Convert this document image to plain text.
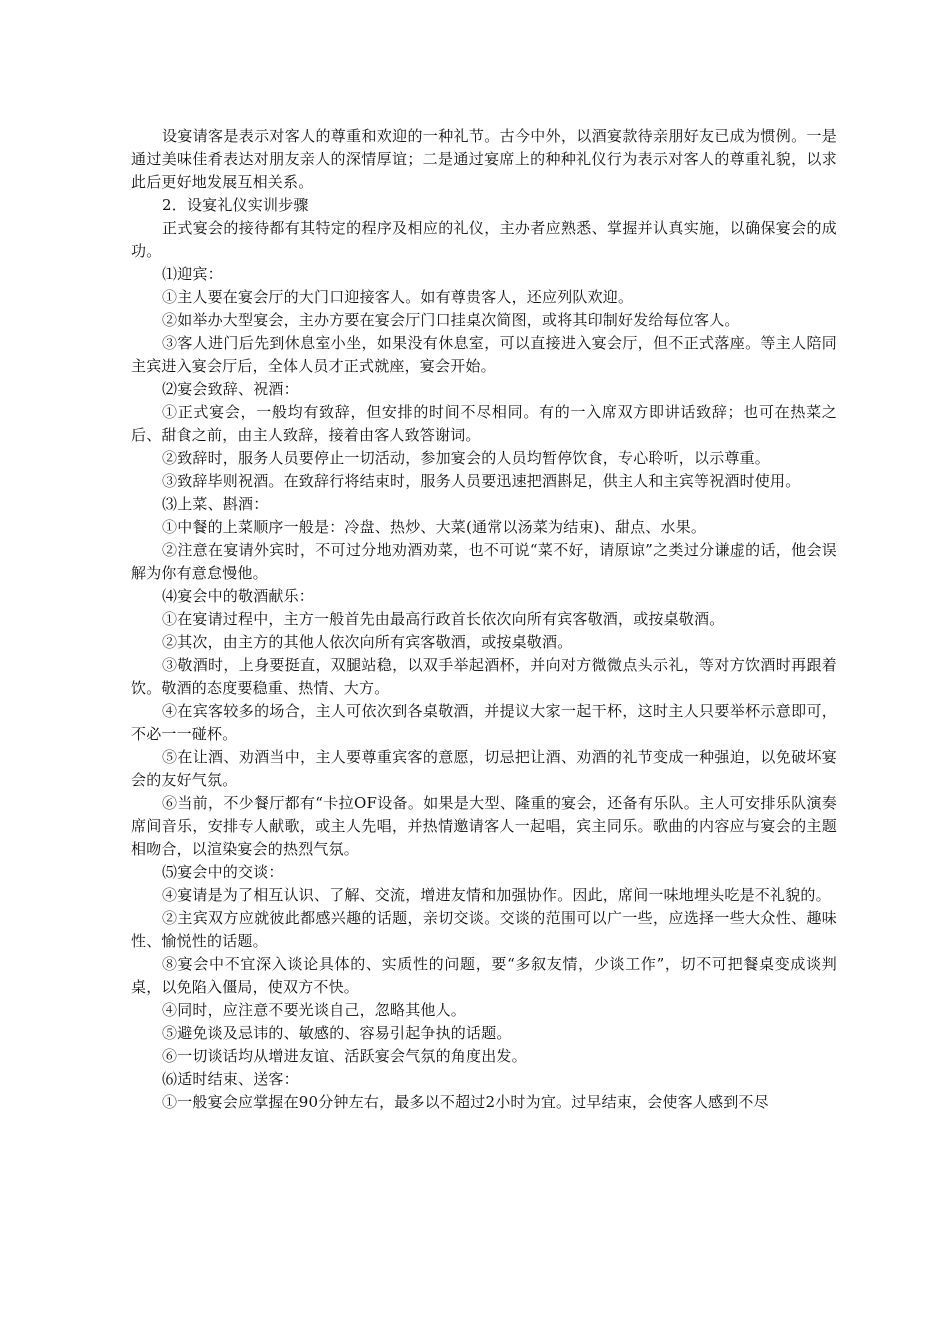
设宴请客是表示对客人的尊重和欢迎的一种礼节。古今中外，以酒宴款待亲朋好友已成为惯例。一是通过美味佳肴表达对朋友亲人的深情厚谊；二是通过宴席上的种种礼仪行为表示对客人的尊重礼貌，以求此后更好地发展互相关系。

2．设宴礼仪实训步骤

正式宴会的接待都有其特定的程序及相应的礼仪，主办者应熟悉、掌握并认真实施，以确保宴会的成功。

⑴迎宾：

①主人要在宴会厅的大门口迎接客人。如有尊贵客人，还应列队欢迎。

②如举办大型宴会，主办方要在宴会厅门口挂桌次简图，或将其印制好发给每位客人。

③客人进门后先到休息室小坐，如果没有休息室，可以直接进入宴会厅，但不正式落座。等主人陪同主宾进入宴会厅后，全体人员才正式就座，宴会开始。

⑵宴会致辞、祝酒：

①正式宴会，一般均有致辞，但安排的时间不尽相同。有的一入席双方即讲话致辞；也可在热菜之后、甜食之前，由主人致辞，接着由客人致答谢词。

②致辞时，服务人员要停止一切活动，参加宴会的人员均暂停饮食，专心聆听，以示尊重。

③致辞毕则祝酒。在致辞行将结束时，服务人员要迅速把酒斟足，供主人和主宾等祝酒时使用。

⑶上菜、斟酒：

①中餐的上菜顺序一般是：冷盘、热炒、大菜(通常以汤菜为结束)、甜点、水果。

②注意在宴请外宾时，不可过分地劝酒劝菜，也不可说“菜不好，请原谅”之类过分谦虚的话，他会误解为你有意怠慢他。

⑷宴会中的敬酒献乐：

①在宴请过程中，主方一般首先由最高行政首长依次向所有宾客敬酒，或按桌敬酒。

②其次，由主方的其他人依次向所有宾客敬酒，或按桌敬酒。

③敬酒时，上身要挺直，双腿站稳，以双手举起酒杯，并向对方微微点头示礼，等对方饮酒时再跟着饮。敬酒的态度要稳重、热情、大方。

④在宾客较多的场合，主人可依次到各桌敬酒，并提议大家一起干杯，这时主人只要举杯示意即可，不必一一碰杯。

⑤在让酒、劝酒当中，主人要尊重宾客的意愿，切忌把让酒、劝酒的礼节变成一种强迫，以免破坏宴会的友好气氛。

⑥当前，不少餐厅都有“卡拉OF设备。如果是大型、隆重的宴会，还备有乐队。主人可安排乐队演奏席间音乐，安排专人献歌，或主人先唱，并热情邀请客人一起唱，宾主同乐。歌曲的内容应与宴会的主题相吻合，以渲染宴会的热烈气氛。

⑸宴会中的交谈：

④宴请是为了相互认识、了解、交流，增进友情和加强协作。因此，席间一味地埋头吃是不礼貌的。

②主宾双方应就彼此都感兴趣的话题，亲切交谈。交谈的范围可以广一些，应选择一些大众性、趣味性、愉悦性的话题。

⑧宴会中不宜深入谈论具体的、实质性的问题，要“多叙友情，少谈工作”，切不可把餐桌变成谈判桌，以免陷入僵局，使双方不快。

④同时，应注意不要光谈自己，忽略其他人。

⑤避免谈及忌讳的、敏感的、容易引起争执的话题。

⑥一切谈话均从增进友谊、活跃宴会气氛的角度出发。

⑹适时结束、送客：

①一般宴会应掌握在90分钟左右，最多以不超过2小时为宜。过早结束，会使客人感到不尽
